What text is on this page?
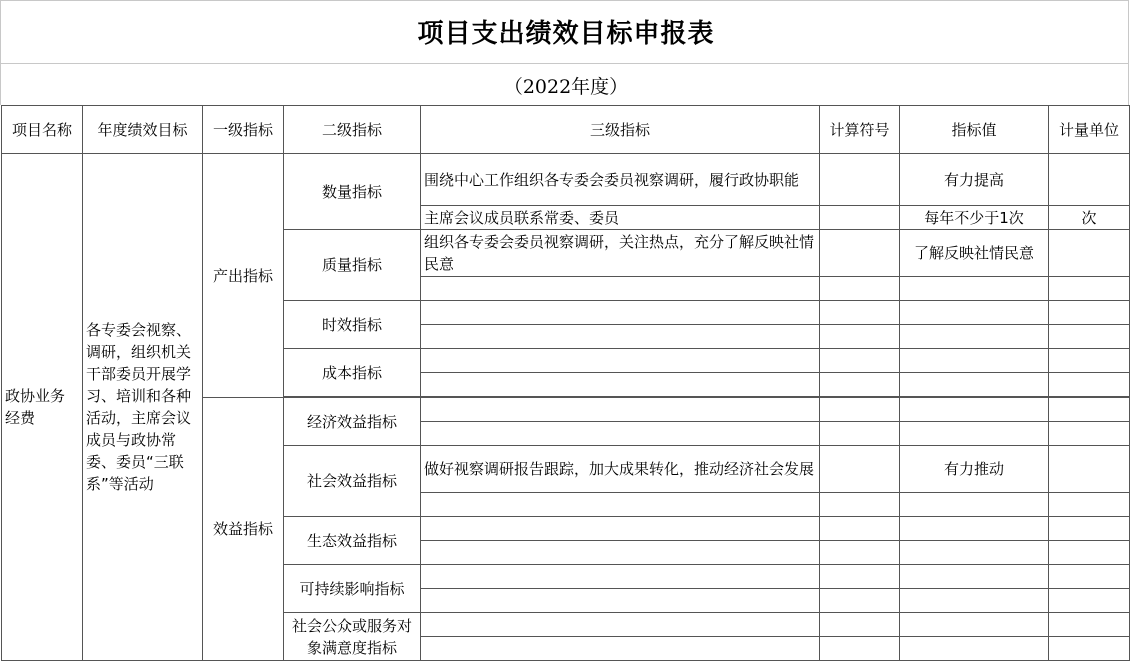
项目支出绩效目标申报表
（2022年度）
项目名称	年度绩效目标	一级指标	二级指标	三级指标	计算符号	指标值	计量单位
政协业务经费	各专委会视察、调研，组织机关干部委员开展学习、培训和各种活动，主席会议成员与政协常委、委员“三联系”等活动	产出指标	数量指标	围绕中心工作组织各专委会委员视察调研，履行政协职能		有力提高	
				主席会议成员联系常委、委员		每年不少于1次	次
			质量指标	组织各专委会委员视察调研，关注热点，充分了解反映社情民意		了解反映社情民意	

			时效指标				

			成本指标				

		效益指标	经济效益指标				

			社会效益指标	做好视察调研报告跟踪，加大成果转化，推动经济社会发展		有力推动	

			生态效益指标				

			可持续影响指标				

			社会公众或服务对象满意度指标				
